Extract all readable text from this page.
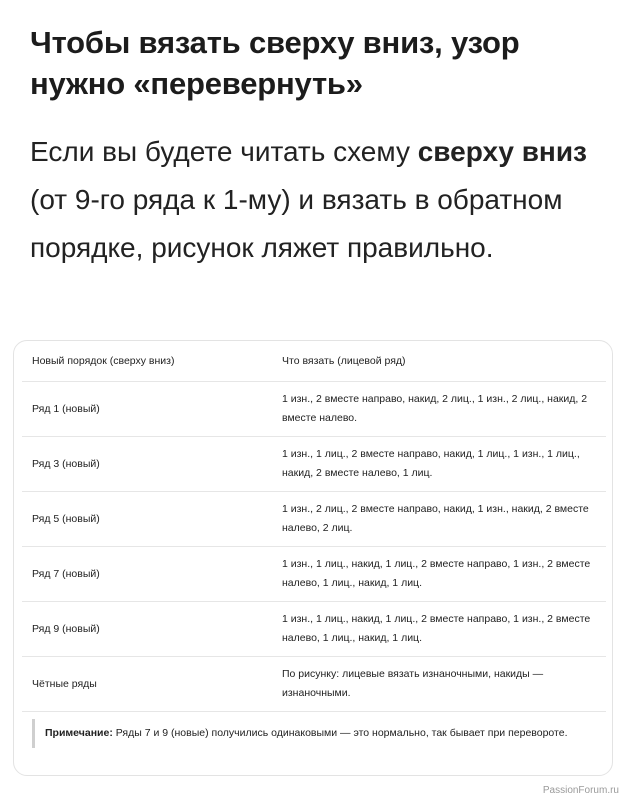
Чтобы вязать сверху вниз, узор нужно «перевернуть»

Если вы будете читать схему сверху вниз (от 9-го ряда к 1-му) и вязать в обратном порядке, рисунок ляжет правильно.

Новый порядок (сверху вниз)	Что вязать (лицевой ряд)
Ряд 1 (новый)	1 изн., 2 вместе направо, накид, 2 лиц., 1 изн., 2 лиц., накид, 2 вместе налево.
Ряд 3 (новый)	1 изн., 1 лиц., 2 вместе направо, накид, 1 лиц., 1 изн., 1 лиц., накид, 2 вместе налево, 1 лиц.
Ряд 5 (новый)	1 изн., 2 лиц., 2 вместе направо, накид, 1 изн., накид, 2 вместе налево, 2 лиц.
Ряд 7 (новый)	1 изн., 1 лиц., накид, 1 лиц., 2 вместе направо, 1 изн., 2 вместе налево, 1 лиц., накид, 1 лиц.
Ряд 9 (новый)	1 изн., 1 лиц., накид, 1 лиц., 2 вместе направо, 1 изн., 2 вместе налево, 1 лиц., накид, 1 лиц.
Чётные ряды	По рисунку: лицевые вязать изнаночными, накиды — изнаночными.
Примечание: Ряды 7 и 9 (новые) получились одинаковыми — это нормально, так бывает при перевороте.
PassionForum.ru
